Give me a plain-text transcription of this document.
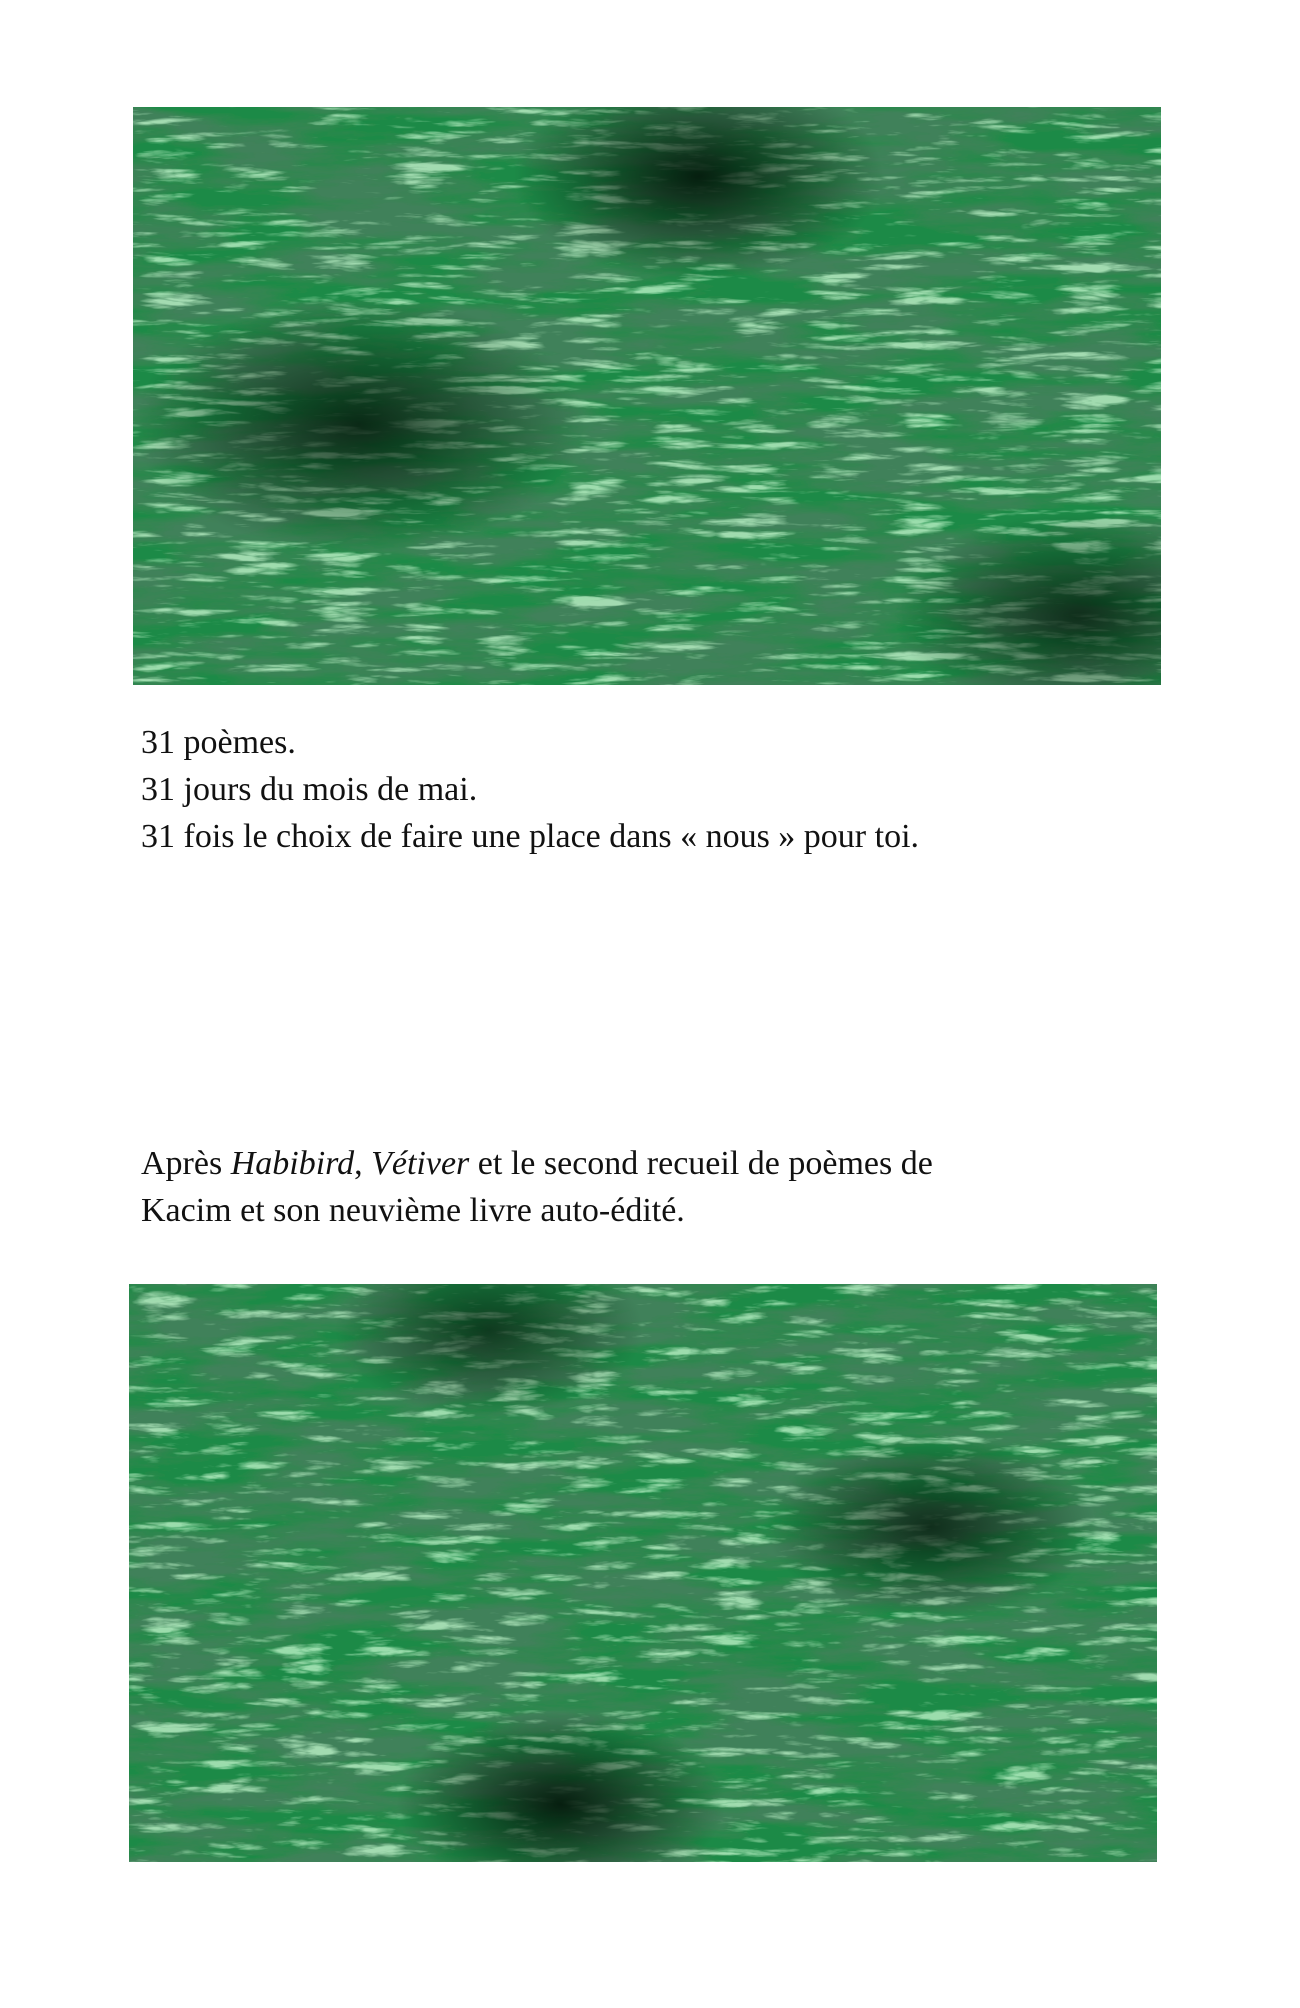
31 poèmes.
31 jours du mois de mai.
31 fois le choix de faire une place dans « nous » pour toi.
Après Habibird, Vétiver et le second recueil de poèmes de
Kacim et son neuvième livre auto-édité.
